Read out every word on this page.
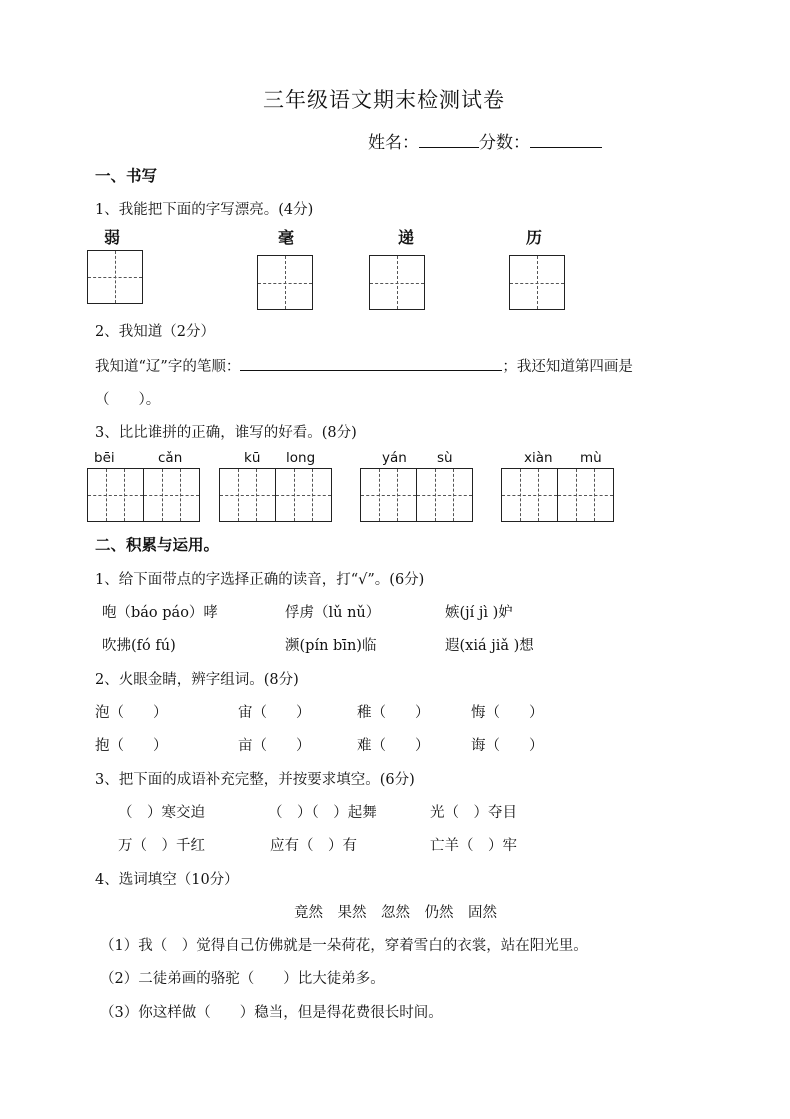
三年级语文期末检测试卷
姓名：	分数：
一、书写
1、我能把下面的字写漂亮。(4分)
弱	毫	递	历
2、我知道（2分）
我知道“辽”字的笔顺：	；我还知道第四画是
（　　）。
3、比比谁拼的正确，谁写的好看。(8分)
bēi	cǎn	kū long	yán sù	xiàn mù
二、积累与运用。
1、给下面带点的字选择正确的读音，打“√”。(6分)
咆（báo páo）哮	俘虏（lǔ nǔ）	嫉(jí jì )妒
吹拂(fó fú)	濒(pín bīn)临	遐(xiá jiǎ )想
2、火眼金睛，辨字组词。(8分)
泡（　　）	宙（　　）	稚（　　）	悔（　　）
抱（　　）	亩（　　）	难（　　）	诲（　　）
3、把下面的成语补充完整，并按要求填空。(6分)
（　）寒交迫	（　）（　）起舞	光（　）夺目
万（　）千红	应有（　）有	亡羊（　）牢
4、选词填空（10分）
竟然　果然　忽然　仍然　固然
（1）我（　）觉得自己仿佛就是一朵荷花，穿着雪白的衣裳，站在阳光里。
（2）二徒弟画的骆驼（　　）比大徒弟多。
（3）你这样做（　　）稳当，但是得花费很长时间。
